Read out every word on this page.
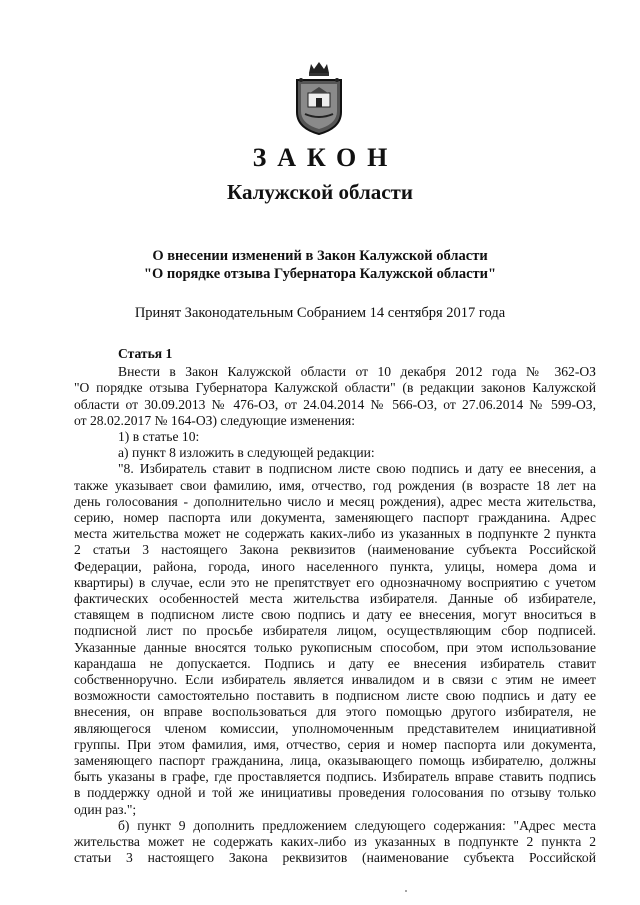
ЗАКОН
Калужской области
О внесении изменений в Закон Калужской области
"О порядке отзыва Губернатора Калужской области"
Принят Законодательным Собранием 14 сентября 2017 года
Статья 1
Внести в Закон Калужской области от 10 декабря 2012 года № 362-ОЗ
"О порядке отзыва Губернатора Калужской области" (в редакции законов Калужской
области от 30.09.2013 № 476-ОЗ, от 24.04.2014 № 566-ОЗ, от 27.06.2014 № 599-ОЗ,
от 28.02.2017 № 164-ОЗ) следующие изменения:
1) в статье 10:
а) пункт 8 изложить в следующей редакции:
"8. Избиратель ставит в подписном листе свою подпись и дату ее внесения, а
также указывает свои фамилию, имя, отчество, год рождения (в возрасте 18 лет на
день голосования - дополнительно число и месяц рождения), адрес места жительства,
серию, номер паспорта или документа, заменяющего паспорт гражданина. Адрес
места жительства может не содержать каких-либо из указанных в подпункте 2 пункта
2 статьи 3 настоящего Закона реквизитов (наименование субъекта Российской
Федерации, района, города, иного населенного пункта, улицы, номера дома и
квартиры) в случае, если это не препятствует его однозначному восприятию с учетом
фактических особенностей места жительства избирателя. Данные об избирателе,
ставящем в подписном листе свою подпись и дату ее внесения, могут вноситься в
подписной лист по просьбе избирателя лицом, осуществляющим сбор подписей.
Указанные данные вносятся только рукописным способом, при этом использование
карандаша не допускается. Подпись и дату ее внесения избиратель ставит
собственноручно. Если избиратель является инвалидом и в связи с этим не имеет
возможности самостоятельно поставить в подписном листе свою подпись и дату ее
внесения, он вправе воспользоваться для этого помощью другого избирателя, не
являющегося членом комиссии, уполномоченным представителем инициативной
группы. При этом фамилия, имя, отчество, серия и номер паспорта или документа,
заменяющего паспорт гражданина, лица, оказывающего помощь избирателю, должны
быть указаны в графе, где проставляется подпись. Избиратель вправе ставить подпись
в поддержку одной и той же инициативы проведения голосования по отзыву только
один раз.";
б) пункт 9 дополнить предложением следующего содержания: "Адрес места
жительства может не содержать каких-либо из указанных в подпункте 2 пункта 2
статьи 3 настоящего Закона реквизитов (наименование субъекта Российской
